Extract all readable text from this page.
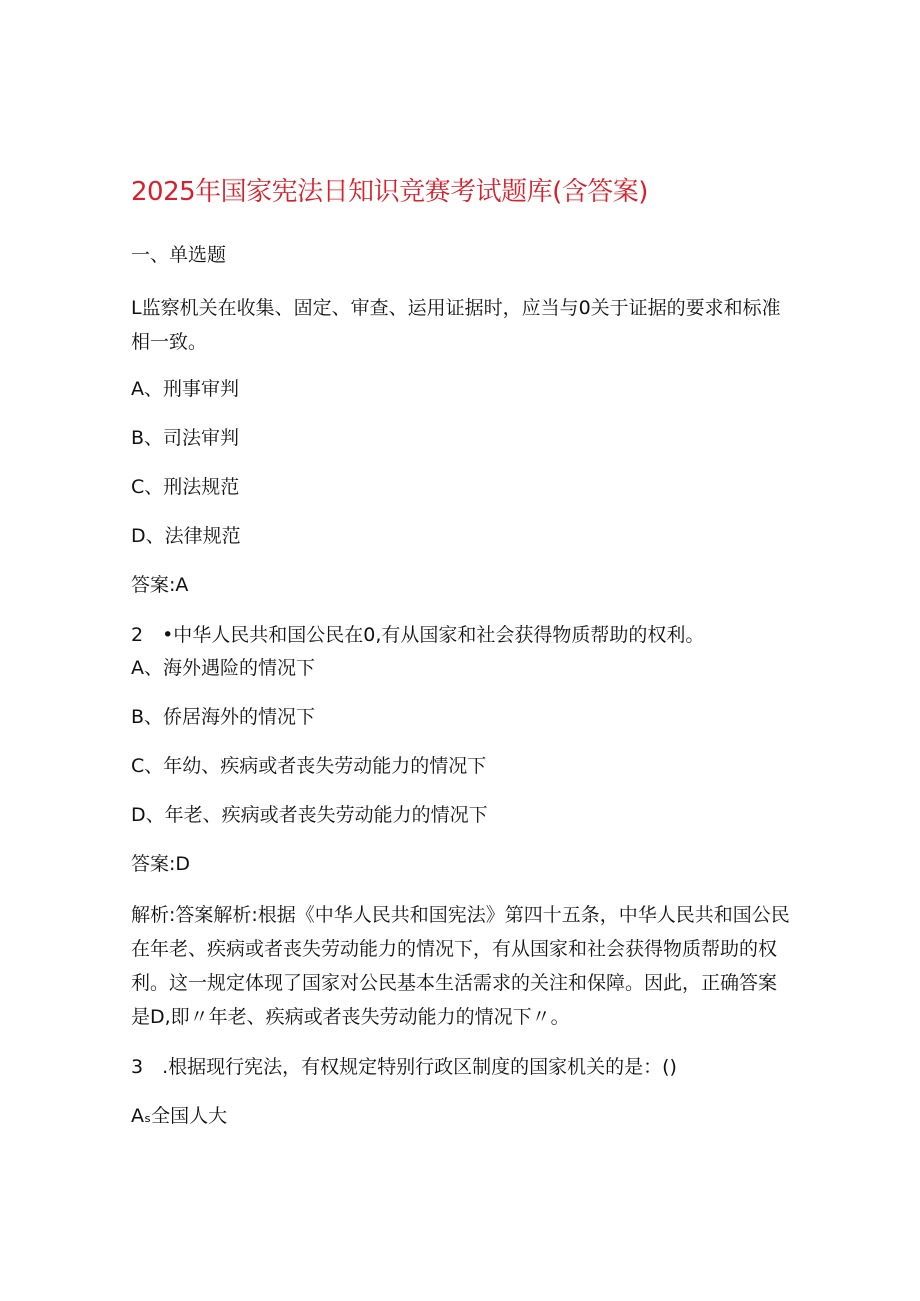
2025年国家宪法日知识竞赛考试题库(含答案)
一、单选题
L监察机关在收集、固定、审查、运用证据时，应当与0关于证据的要求和标准相一致。
A、刑事审判
B、司法审判
C、刑法规范
D、法律规范
答案:A
2　•中华人民共和国公民在0,有从国家和社会获得物质帮助的权利。
A、海外遇险的情况下
B、侨居海外的情况下
C、年幼、疾病或者丧失劳动能力的情况下
D、年老、疾病或者丧失劳动能力的情况下
答案:D
解析:答案解析:根据《中华人民共和国宪法》第四十五条，中华人民共和国公民在年老、疾病或者丧失劳动能力的情况下，有从国家和社会获得物质帮助的权利。这一规定体现了国家对公民基本生活需求的关注和保障。因此，正确答案是D,即〃年老、疾病或者丧失劳动能力的情况下〃。
3　.根据现行宪法，有权规定特别行政区制度的国家机关的是：()
Aₛ全国人大
